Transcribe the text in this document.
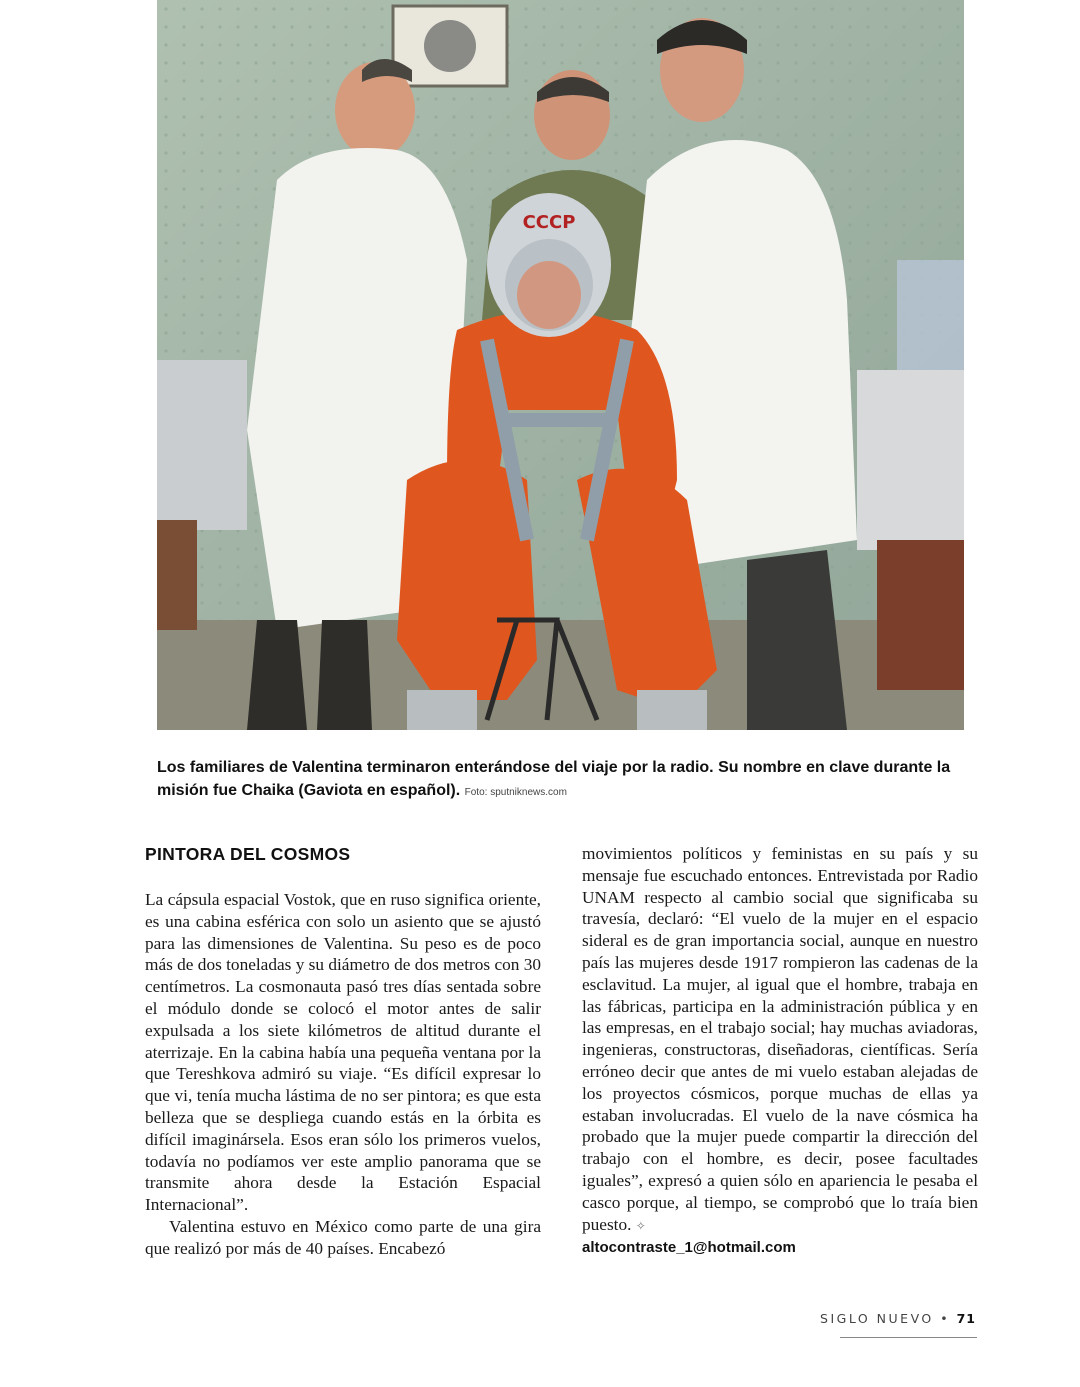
CCCP
Los familiares de Valentina terminaron enterándose del viaje por la radio. Su nombre en clave durante la misión fue Chaika (Gaviota en español). Foto: sputniknews.com
PINTORA DEL COSMOS

La cápsula espacial Vostok, que en ruso significa oriente, es una cabina esférica con solo un asiento que se ajustó para las dimensiones de Valentina. Su peso es de poco más de dos toneladas y su diámetro de dos metros con 30 centímetros. La cosmonauta pasó tres días sentada sobre el módulo donde se colocó el motor antes de salir expulsada a los siete kilómetros de altitud durante el aterrizaje. En la cabina había una pequeña ventana por la que Tereshkova admiró su viaje. “Es difícil expresar lo que vi, tenía mucha lástima de no ser pintora; es que esta belleza que se despliega cuando estás en la órbita es difícil imaginársela. Esos eran sólo los primeros vuelos, todavía no podíamos ver este amplio panorama que se transmite ahora desde la Estación Espacial Internacional”.

Valentina estuvo en México como parte de una gira que realizó por más de 40 países. Encabezó

movimientos políticos y feministas en su país y su mensaje fue escuchado entonces. Entrevistada por Radio UNAM respecto al cambio social que significaba su travesía, declaró: “El vuelo de la mujer en el espacio sideral es de gran importancia social, aunque en nuestro país las mujeres desde 1917 rompieron las cadenas de la esclavitud. La mujer, al igual que el hombre, trabaja en las fábricas, participa en la administración pública y en las empresas, en el trabajo social; hay muchas aviadoras, ingenieras, constructoras, diseñadoras, científicas. Sería erróneo decir que antes de mi vuelo estaban alejadas de los proyectos cósmicos, porque muchas de ellas ya estaban involucradas. El vuelo de la nave cósmica ha probado que la mujer puede compartir la dirección del trabajo con el hombre, es decir, posee facultades iguales”, expresó a quien sólo en apariencia le pesaba el casco porque, al tiempo, se comprobó que lo traía bien puesto. ✧

altocontraste_1@hotmail.com
SIGLO NUEVO • 71
